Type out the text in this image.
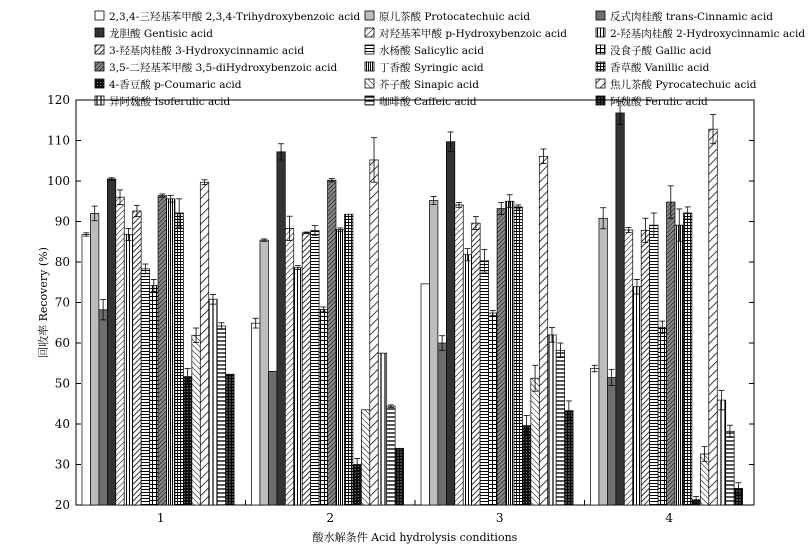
2,3,4-三羟基苯甲酸 2,3,4-Trihydroxybenzoic acid 原儿茶酸 Protocatechuic acid	反式肉桂酸 trans-Cinnamic acid
龙胆酸 Gentisic acid	对羟基苯甲酸 p-Hydroxybenzoic acid	2-羟基肉桂酸 2-Hydroxycinnamic acid
3-羟基肉桂酸 3-Hydroxycinnamic acid	水杨酸 Salicylic acid	没食子酸 Gallic acid
3,5-二羟基苯甲酸 3,5-diHydroxybenzoic acid	丁香酸 Syringic acid	香草酸 Vanillic acid
4-香豆酸 p-Coumaric acid	芥子酸 Sinapic acid	焦儿茶酸 Pyrocatechuic acid
异阿魏酸 Isoferulic acid	咖啡酸 Caffeic acid	阿魏酸 Ferulic acid
20
30
40
50
60
70
80
90
100
110
120
1	2	3	4
回收率 Recovery (%)
酸水解条件 Acid hydrolysis conditions
